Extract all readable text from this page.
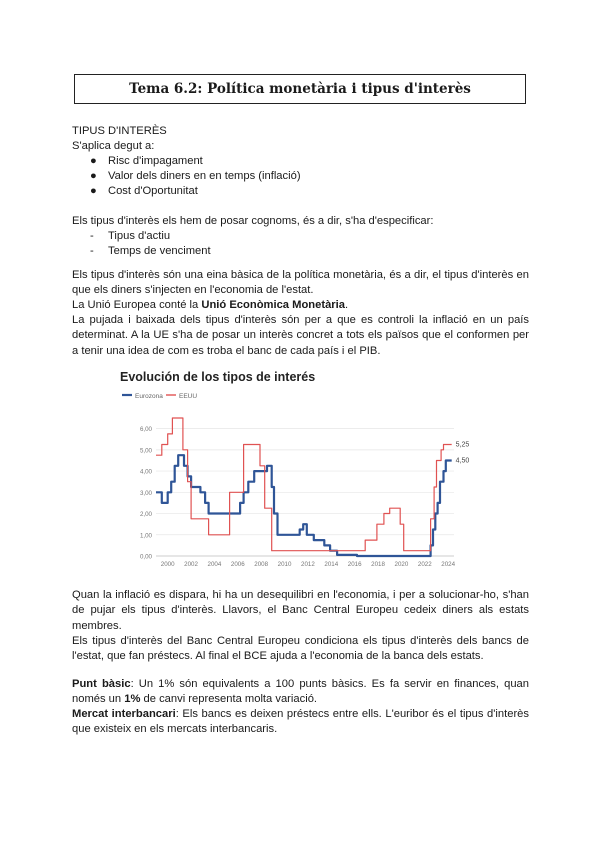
Tema 6.2: Política monetària i tipus d'interès
TIPUS D'INTERÈS
S'aplica degut a:
● Risc d'impagament
● Valor dels diners en en temps (inflació)
● Cost d'Oportunitat
Els tipus d'interès els hem de posar cognoms, és a dir, s'ha d'especificar:
- Tipus d'actiu
- Temps de venciment
Els tipus d'interès són una eina bàsica de la política monetària, és a dir, el tipus d'interès en que els diners s'injecten en l'economia de l'estat.
La Unió Europea conté la Unió Econòmica Monetària.
La pujada i baixada dels tipus d'interès són per a que es controli la inflació en un país determinat. A la UE s'ha de posar un interès concret a tots els països que el conformen per a tenir una idea de com es troba el banc de cada país i el PIB.
Evolución de los tipos de interés
Eurozona EEUU
0,00
1,00
2,00
3,00
4,00
5,00
6,00
2000 2002 2004 2006 2008 2010 2012 2014 2016 2018 2020 2022 2024
5,25
4,50
Quan la inflació es dispara, hi ha un desequilibri en l'economia, i per a solucionar-ho, s'han de pujar els tipus d'interès. Llavors, el Banc Central Europeu cedeix diners als estats membres.
Els tipus d'interès del Banc Central Europeu condiciona els tipus d'interès dels bancs de l'estat, que fan préstecs. Al final el BCE ajuda a l'economia de la banca dels estats.
Punt bàsic: Un 1% són equivalents a 100 punts bàsics. Es fa servir en finances, quan només un 1% de canvi representa molta variació.
Mercat interbancari: Els bancs es deixen préstecs entre ells. L'euribor és el tipus d'interès que existeix en els mercats interbancaris.
